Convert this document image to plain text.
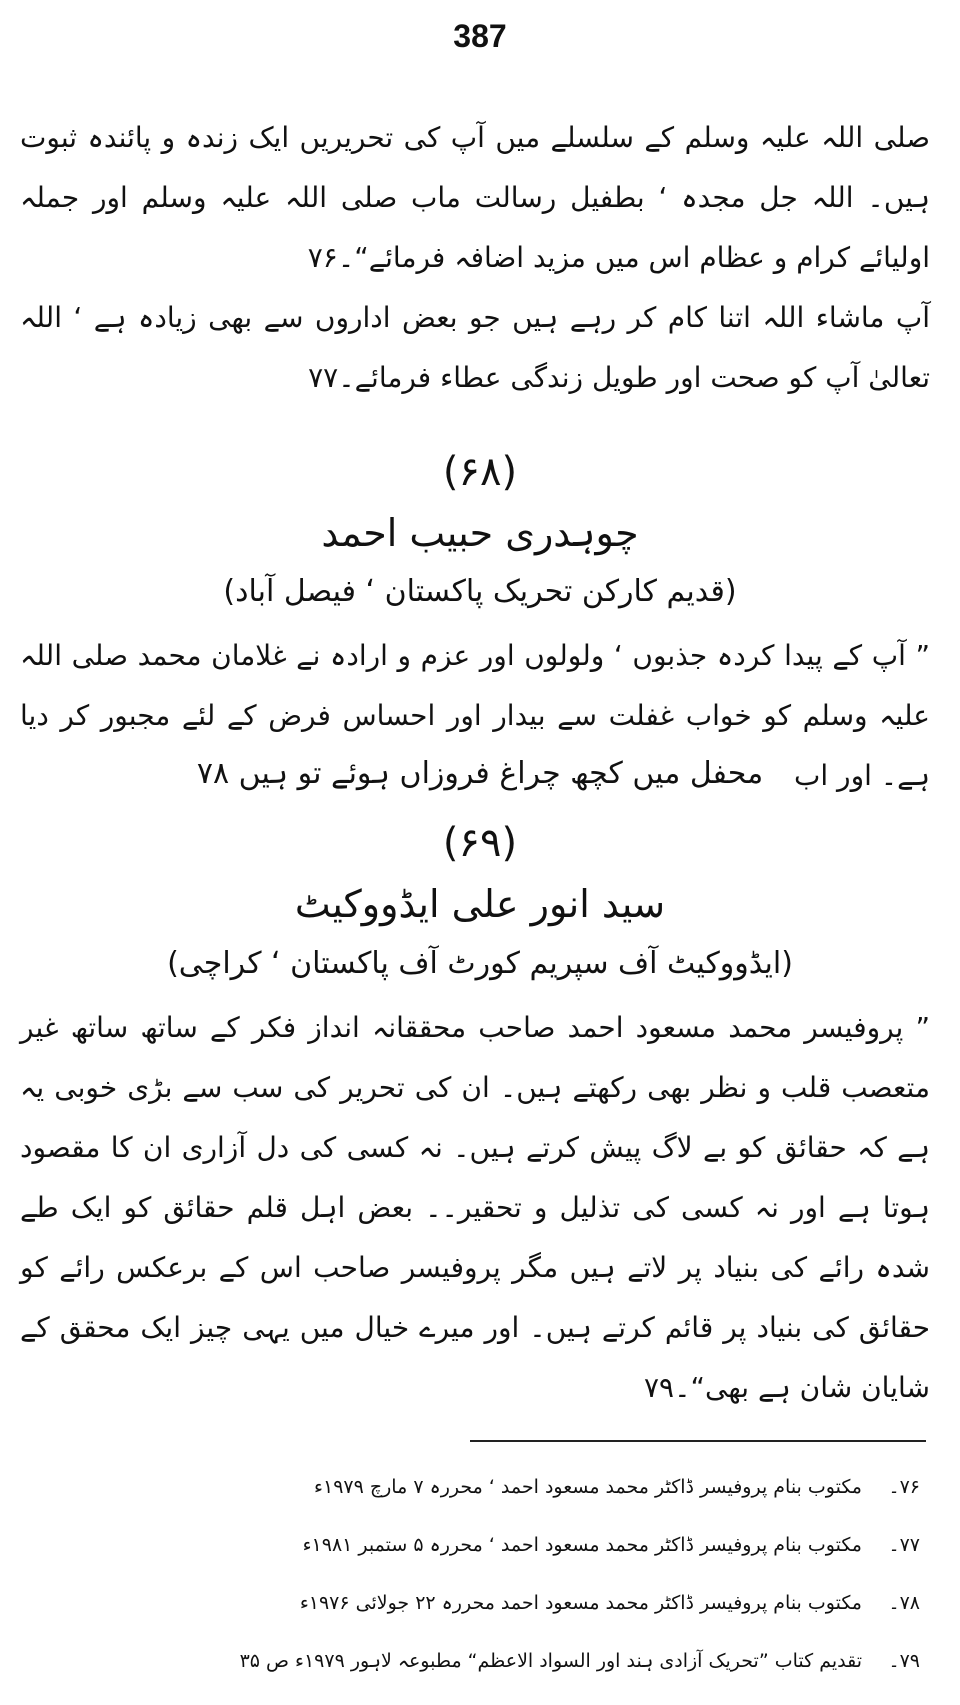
387

صلی اللہ علیہ وسلم کے سلسلے میں آپ کی تحریریں ایک زندہ و پائندہ ثبوت ہیں۔ اللہ جل مجدہ ‘ بطفیل رسالت ماب صلی اللہ علیہ وسلم اور جملہ اولیائے کرام و عظام اس میں مزید اضافہ فرمائے“۔۷۶

آپ ماشاء اللہ اتنا کام کر رہے ہیں جو بعض اداروں سے بھی زیادہ ہے ‘ اللہ تعالیٰ آپ کو صحت اور طویل زندگی عطاء فرمائے۔۷۷

(۶۸)
چوہدری حبیب احمد
(قدیم کارکن تحریک پاکستان ‘ فیصل آباد)
” آپ کے پیدا کردہ جذبوں ‘ ولولوں اور عزم و ارادہ نے غلامان محمد صلی اللہ علیہ وسلم کو خواب غفلت سے بیدار اور احساس فرض کے لئے مجبور کر دیا ہے۔ اور اب
محفل میں کچھ چراغ فروزاں ہوئے تو ہیں ۷۸
(۶۹)
سید انور علی ایڈووکیٹ
(ایڈووکیٹ آف سپریم کورٹ آف پاکستان ‘ کراچی)
” پروفیسر محمد مسعود احمد صاحب محققانہ انداز فکر کے ساتھ ساتھ غیر متعصب قلب و نظر بھی رکھتے ہیں۔ ان کی تحریر کی سب سے بڑی خوبی یہ ہے کہ حقائق کو بے لاگ پیش کرتے ہیں۔ نہ کسی کی دل آزاری ان کا مقصود ہوتا ہے اور نہ کسی کی تذلیل و تحقیر۔۔ بعض اہل قلم حقائق کو ایک طے شدہ رائے کی بنیاد پر لاتے ہیں مگر پروفیسر صاحب اس کے برعکس رائے کو حقائق کی بنیاد پر قائم کرتے ہیں۔ اور میرے خیال میں یہی چیز ایک محقق کے شایان شان ہے بھی“۔۷۹

۷۶۔مکتوب بنام پروفیسر ڈاکٹر محمد مسعود احمد ‘ محررہ ۷ مارچ ۱۹۷۹ء

۷۷۔مکتوب بنام پروفیسر ڈاکٹر محمد مسعود احمد ‘ محررہ ۵ ستمبر ۱۹۸۱ء

۷۸۔مکتوب بنام پروفیسر ڈاکٹر محمد مسعود احمد محررہ ۲۲ جولائی ۱۹۷۶ء

۷۹۔تقدیم کتاب ”تحریک آزادی ہند اور السواد الاعظم“ مطبوعہ لاہور ۱۹۷۹ء ص ۳۵
